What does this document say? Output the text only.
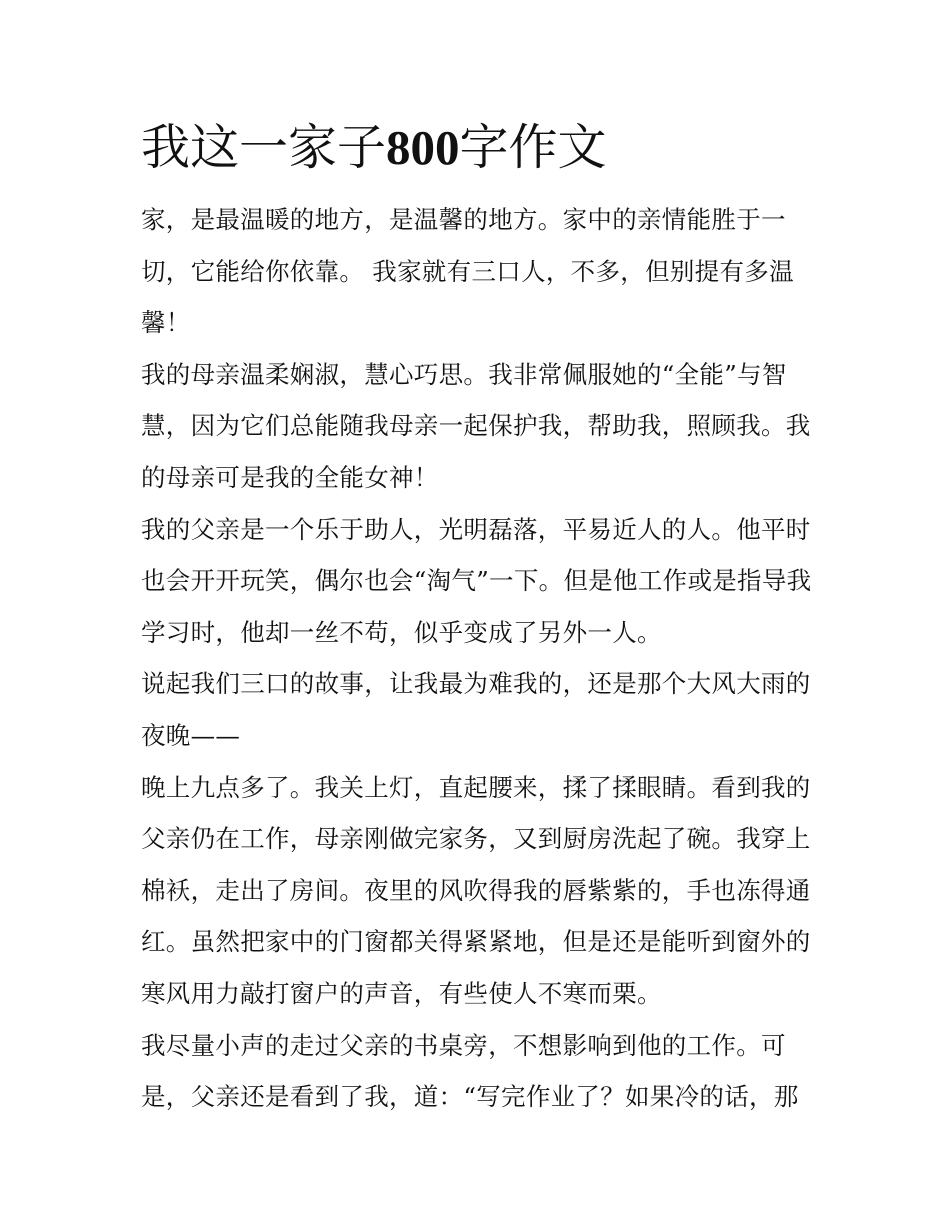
我这一家子800字作文
家，是最温暖的地方，是温馨的地方。家中的亲情能胜于一
切，它能给你依靠。 我家就有三口人，不多，但别提有多温
馨！
我的母亲温柔娴淑，慧心巧思。我非常佩服她的“全能”与智
慧，因为它们总能随我母亲一起保护我，帮助我，照顾我。我
的母亲可是我的全能女神！
我的父亲是一个乐于助人，光明磊落，平易近人的人。他平时
也会开开玩笑，偶尔也会“淘气”一下。但是他工作或是指导我
学习时，他却一丝不苟，似乎变成了另外一人。
说起我们三口的故事，让我最为难我的，还是那个大风大雨的
夜晚——
晚上九点多了。我关上灯，直起腰来，揉了揉眼睛。看到我的
父亲仍在工作，母亲刚做完家务，又到厨房洗起了碗。我穿上
棉袄，走出了房间。夜里的风吹得我的唇紫紫的，手也冻得通
红。虽然把家中的门窗都关得紧紧地，但是还是能听到窗外的
寒风用力敲打窗户的声音，有些使人不寒而栗。
我尽量小声的走过父亲的书桌旁，不想影响到他的工作。可
是，父亲还是看到了我，道：“写完作业了？如果冷的话，那
